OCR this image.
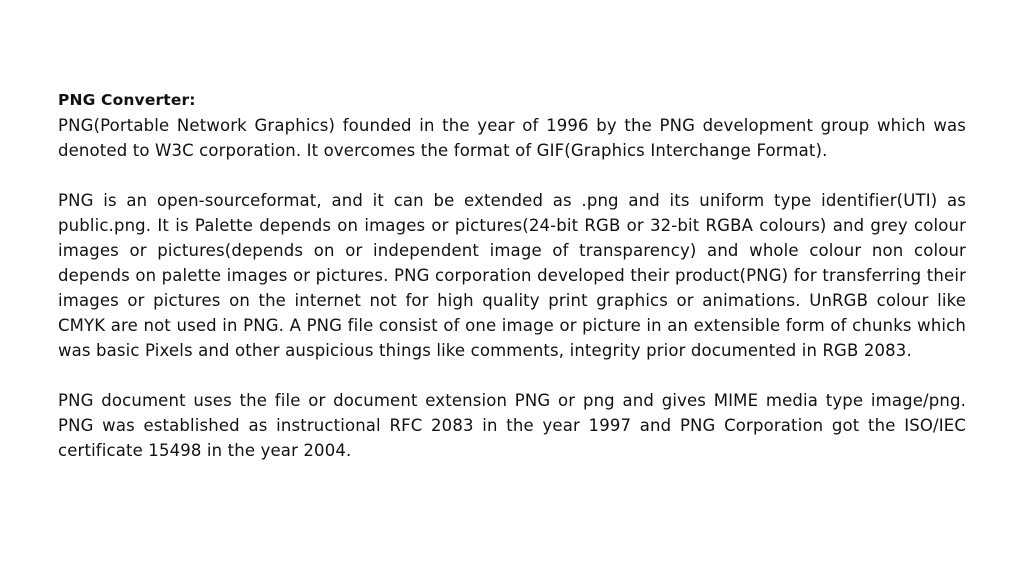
PNG Converter:

PNG(Portable Network Graphics) founded in the year of 1996 by the PNG development group which was denoted to W3C corporation. It overcomes the format of GIF(Graphics Interchange Format).

PNG is an open-sourceformat, and it can be extended as .png and its uniform type identifier(UTI) as public.png. It is Palette depends on images or pictures(24-bit RGB or 32-bit RGBA colours) and grey colour images or pictures(depends on or independent image of transparency) and whole colour non colour depends on palette images or pictures. PNG corporation developed their product(PNG) for transferring their images or pictures on the internet not for high quality print graphics or animations. UnRGB colour like CMYK are not used in PNG. A PNG file consist of one image or picture in an extensible form of chunks which was basic Pixels and other auspicious things like comments, integrity prior documented in RGB 2083.

PNG document uses the file or document extension PNG or png and gives MIME media type image/png. PNG was established as instructional RFC 2083 in the year 1997 and PNG Corporation got the ISO/IEC certificate 15498 in the year 2004.
